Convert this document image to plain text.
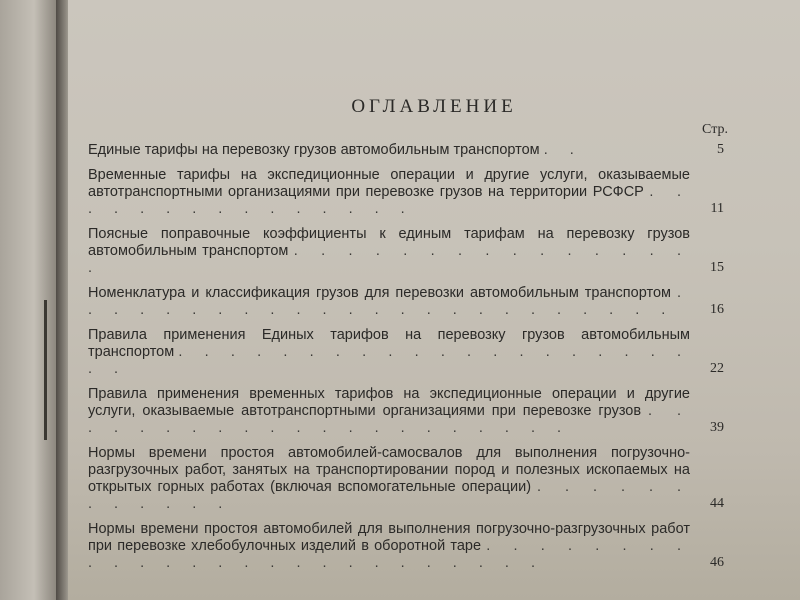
ОГЛАВЛЕНИЕ
Стр.
Единые тарифы на перевозку грузов автомобильным транспортом . .	5
Временные тарифы на экспедиционные операции и другие услуги, оказываемые автотранспортными организациями при перевозке грузов на территории РСФСР . . . . . . . . . . . . . . .	11
Поясные поправочные коэффициенты к единым тарифам на перевозку грузов автомобильным транспортом . . . . . . . . . . . . . . . .	15
Номенклатура и классификация грузов для перевозки автомобильным транспортом . . . . . . . . . . . . . . . . . . . . . . . .	16
Правила применения Единых тарифов на перевозку грузов автомобильным транспортом . . . . . . . . . . . . . . . . . . . . . .	22
Правила применения временных тарифов на экспедиционные операции и другие услуги, оказываемые автотранспортными организациями при перевозке грузов . . . . . . . . . . . . . . . . . . . . .	39
Нормы времени простоя автомобилей-самосвалов для выполнения погрузочно-разгрузочных работ, занятых на транспортировании пород и полезных ископаемых на открытых горных работах (включая вспомогательные операции) . . . . . . . . . . . .	44
Нормы времени простоя автомобилей для выполнения погрузочно-разгрузочных работ при перевозке хлебобулочных изделий в оборотной таре . . . . . . . . . . . . . . . . . . . . . . . . . .	46
